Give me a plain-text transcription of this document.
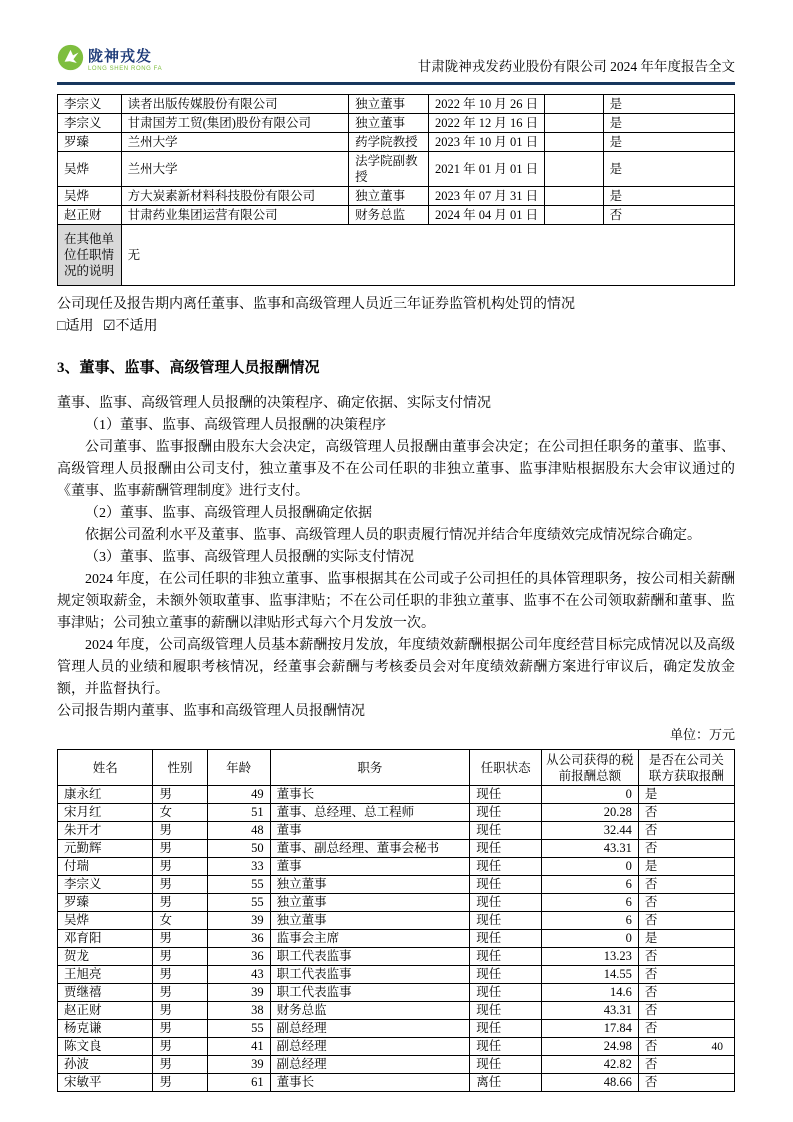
陇神戎发
LONG SHEN RONG FA	甘肃陇神戎发药业股份有限公司 2024 年年度报告全文
李宗义	读者出版传媒股份有限公司	独立董事	2022 年 10 月 26 日		是
李宗义	甘肃国芳工贸(集团)股份有限公司	独立董事	2022 年 12 月 16 日		是
罗臻	兰州大学	药学院教授	2023 年 10 月 01 日		是
吴烨	兰州大学	法学院副教授	2021 年 01 月 01 日		是
吴烨	方大炭素新材料科技股份有限公司	独立董事	2023 年 07 月 31 日		是
赵正财	甘肃药业集团运营有限公司	财务总监	2024 年 04 月 01 日		否
在其他单位任职情况的说明	无				

公司现任及报告期内离任董事、监事和高级管理人员近三年证券监管机构处罚的情况

□适用 ☑不适用

3、董事、监事、高级管理人员报酬情况

董事、监事、高级管理人员报酬的决策程序、确定依据、实际支付情况

（1）董事、监事、高级管理人员报酬的决策程序

公司董事、监事报酬由股东大会决定，高级管理人员报酬由董事会决定；在公司担任职务的董事、监事、高级管理人员报酬由公司支付，独立董事及不在公司任职的非独立董事、监事津贴根据股东大会审议通过的《董事、监事薪酬管理制度》进行支付。

（2）董事、监事、高级管理人员报酬确定依据

依据公司盈利水平及董事、监事、高级管理人员的职责履行情况并结合年度绩效完成情况综合确定。

（3）董事、监事、高级管理人员报酬的实际支付情况

2024 年度，在公司任职的非独立董事、监事根据其在公司或子公司担任的具体管理职务，按公司相关薪酬规定领取薪金，未额外领取董事、监事津贴；不在公司任职的非独立董事、监事不在公司领取薪酬和董事、监事津贴；公司独立董事的薪酬以津贴形式每六个月发放一次。

2024 年度，公司高级管理人员基本薪酬按月发放，年度绩效薪酬根据公司年度经营目标完成情况以及高级管理人员的业绩和履职考核情况，经董事会薪酬与考核委员会对年度绩效薪酬方案进行审议后，确定发放金额，并监督执行。

公司报告期内董事、监事和高级管理人员报酬情况

单位：万元
姓名	性别	年龄	职务	任职状态	从公司获得的税前报酬总额	是否在公司关联方获取报酬
康永红	男	49	董事长	现任	0	是
宋月红	女	51	董事、总经理、总工程师	现任	20.28	否
朱开才	男	48	董事	现任	32.44	否
元勤辉	男	50	董事、副总经理、董事会秘书	现任	43.31	否
付瑞	男	33	董事	现任	0	是
李宗义	男	55	独立董事	现任	6	否
罗臻	男	55	独立董事	现任	6	否
吴烨	女	39	独立董事	现任	6	否
邓育阳	男	36	监事会主席	现任	0	是
贺龙	男	36	职工代表监事	现任	13.23	否
王旭亮	男	43	职工代表监事	现任	14.55	否
贾继禧	男	39	职工代表监事	现任	14.6	否
赵正财	男	38	财务总监	现任	43.31	否
杨克谦	男	55	副总经理	现任	17.84	否
陈文良	男	41	副总经理	现任	24.98	否
孙波	男	39	副总经理	现任	42.82	否
宋敏平	男	61	董事长	离任	48.66	否
40
